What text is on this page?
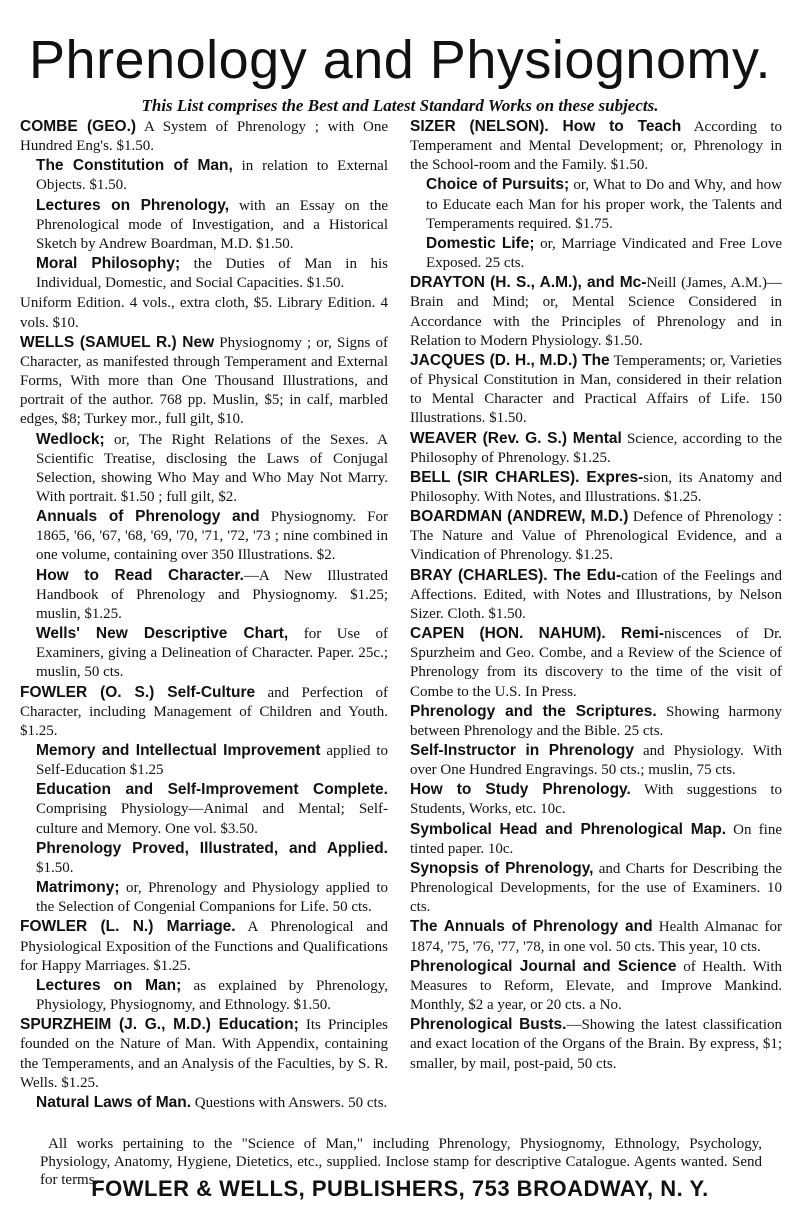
Phrenology and Physiognomy.
This List comprises the Best and Latest Standard Works on these subjects.

COMBE (GEO.) A System of Phrenology ; with One Hundred Eng's. $1.50.

The Constitution of Man, in relation to External Objects. $1.50.

Lectures on Phrenology, with an Essay on the Phrenological mode of Investigation, and a Historical Sketch by Andrew Boardman, M.D. $1.50.

Moral Philosophy; the Duties of Man in his Individual, Domestic, and Social Capacities. $1.50.

Uniform Edition. 4 vols., extra cloth, $5. Library Edition. 4 vols. $10.

WELLS (SAMUEL R.) New Physiognomy ; or, Signs of Character, as manifested through Temperament and External Forms, With more than One Thousand Illustrations, and portrait of the author. 768 pp. Muslin, $5; in calf, marbled edges, $8; Turkey mor., full gilt, $10.

Wedlock; or, The Right Relations of the Sexes. A Scientific Treatise, disclosing the Laws of Conjugal Selection, showing Who May and Who May Not Marry. With portrait. $1.50 ; full gilt, $2.

Annuals of Phrenology and Physiognomy. For 1865, '66, '67, '68, '69, '70, '71, '72, '73 ; nine combined in one volume, containing over 350 Illustrations. $2.

How to Read Character.—A New Illustrated Handbook of Phrenology and Physiognomy. $1.25; muslin, $1.25.

Wells' New Descriptive Chart, for Use of Examiners, giving a Delineation of Character. Paper. 25c.; muslin, 50 cts.

FOWLER (O. S.) Self-Culture and Perfection of Character, including Management of Children and Youth. $1.25.

Memory and Intellectual Improvement applied to Self-Education $1.25

Education and Self-Improvement Complete. Comprising Physiology—Animal and Mental; Self-culture and Memory. One vol. $3.50.

Phrenology Proved, Illustrated, and Applied. $1.50.

Matrimony; or, Phrenology and Physiology applied to the Selection of Congenial Companions for Life. 50 cts.

FOWLER (L. N.) Marriage. A Phrenological and Physiological Exposition of the Functions and Qualifications for Happy Marriages. $1.25.

Lectures on Man; as explained by Phrenology, Physiology, Physiognomy, and Ethnology. $1.50.

SPURZHEIM (J. G., M.D.) Education; Its Principles founded on the Nature of Man. With Appendix, containing the Temperaments, and an Analysis of the Faculties, by S. R. Wells. $1.25.

Natural Laws of Man. Questions with Answers. 50 cts.

SIZER (NELSON). How to Teach According to Temperament and Mental Development; or, Phrenology in the School-room and the Family. $1.50.

Choice of Pursuits; or, What to Do and Why, and how to Educate each Man for his proper work, the Talents and Temperaments required. $1.75.

Domestic Life; or, Marriage Vindicated and Free Love Exposed. 25 cts.

DRAYTON (H. S., A.M.), and Mc-Neill (James, A.M.)—Brain and Mind; or, Mental Science Considered in Accordance with the Principles of Phrenology and in Relation to Modern Physiology. $1.50.

JACQUES (D. H., M.D.) The Temperaments; or, Varieties of Physical Constitution in Man, considered in their relation to Mental Character and Practical Affairs of Life. 150 Illustrations. $1.50.

WEAVER (Rev. G. S.) Mental Science, according to the Philosophy of Phrenology. $1.25.

BELL (SIR CHARLES). Expres-sion, its Anatomy and Philosophy. With Notes, and Illustrations. $1.25.

BOARDMAN (ANDREW, M.D.) Defence of Phrenology : The Nature and Value of Phrenological Evidence, and a Vindication of Phrenology. $1.25.

BRAY (CHARLES). The Edu-cation of the Feelings and Affections. Edited, with Notes and Illustrations, by Nelson Sizer. Cloth. $1.50.

CAPEN (HON. NAHUM). Remi-niscences of Dr. Spurzheim and Geo. Combe, and a Review of the Science of Phrenology from its discovery to the time of the visit of Combe to the U.S. In Press.

Phrenology and the Scriptures. Showing harmony between Phrenology and the Bible. 25 cts.

Self-Instructor in Phrenology and Physiology. With over One Hundred Engravings. 50 cts.; muslin, 75 cts.

How to Study Phrenology. With suggestions to Students, Works, etc. 10c.

Symbolical Head and Phrenological Map. On fine tinted paper. 10c.

Synopsis of Phrenology, and Charts for Describing the Phrenological Developments, for the use of Examiners. 10 cts.

The Annuals of Phrenology and Health Almanac for 1874, '75, '76, '77, '78, in one vol. 50 cts. This year, 10 cts.

Phrenological Journal and Science of Health. With Measures to Reform, Elevate, and Improve Mankind. Monthly, $2 a year, or 20 cts. a No.

Phrenological Busts.—Showing the latest classification and exact location of the Organs of the Brain. By express, $1; smaller, by mail, post-paid, 50 cts.

All works pertaining to the "Science of Man," including Phrenology, Physiognomy, Ethnology, Psychology, Physiology, Anatomy, Hygiene, Dietetics, etc., supplied. Inclose stamp for descriptive Catalogue. Agents wanted. Send for terms.
FOWLER & WELLS, PUBLISHERS, 753 BROADWAY, N. Y.
